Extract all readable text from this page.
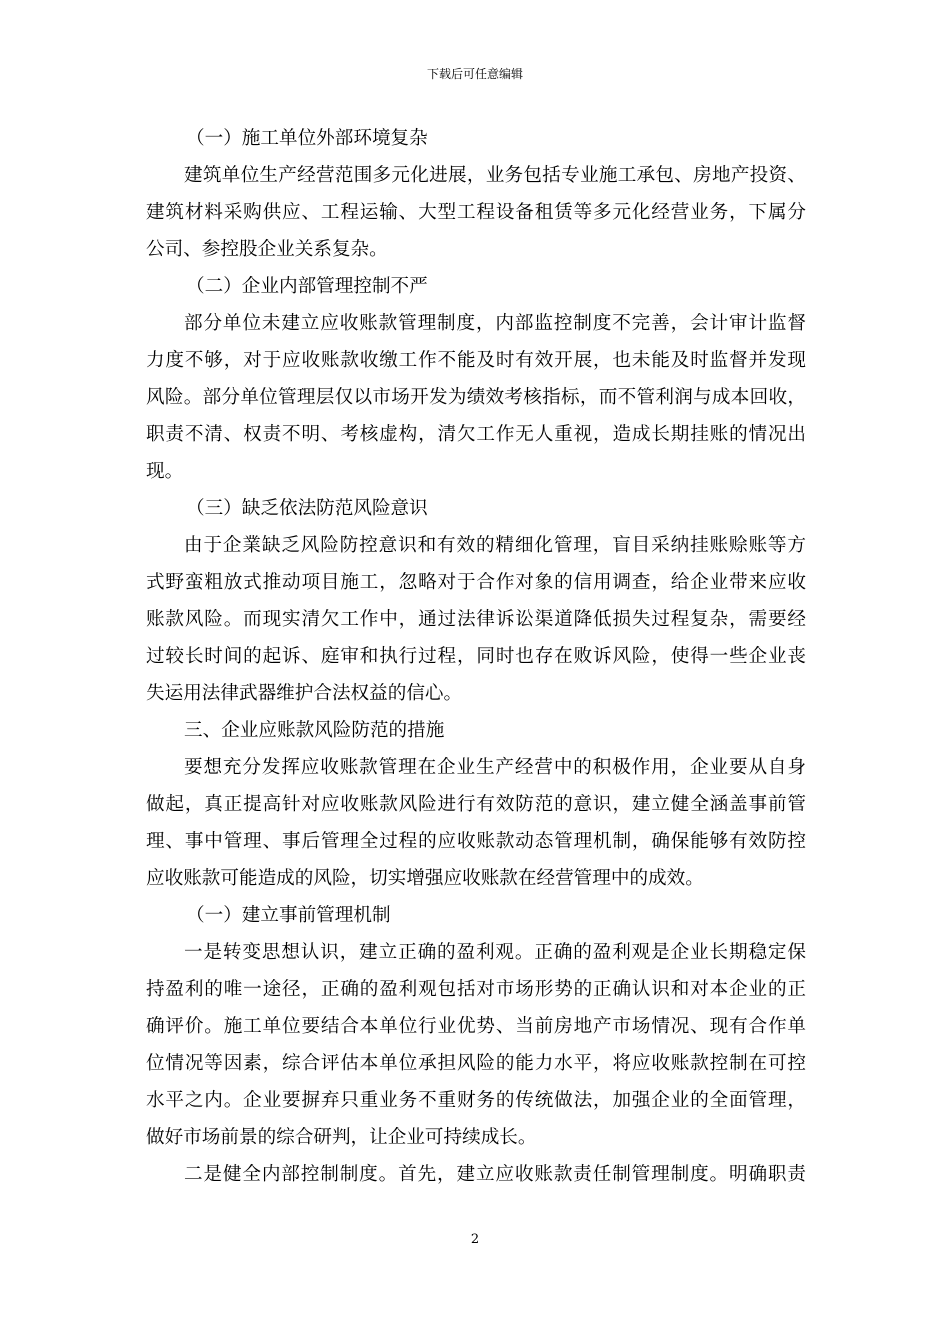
下载后可任意编辑
（一）施工单位外部环境复杂
建筑单位生产经营范围多元化进展，业务包括专业施工承包、房地产投资、
建筑材料采购供应、工程运输、大型工程设备租赁等多元化经营业务，下属分
公司、参控股企业关系复杂。
（二）企业内部管理控制不严
部分单位未建立应收账款管理制度，内部监控制度不完善，会计审计监督
力度不够，对于应收账款收缴工作不能及时有效开展，也未能及时监督并发现
风险。部分单位管理层仅以市场开发为绩效考核指标，而不管利润与成本回收，
职责不清、权责不明、考核虚构，清欠工作无人重视，造成长期挂账的情况出
现。
（三）缺乏依法防范风险意识
由于企業缺乏风险防控意识和有效的精细化管理，盲目采纳挂账赊账等方
式野蛮粗放式推动项目施工，忽略对于合作对象的信用调查，给企业带来应收
账款风险。而现实清欠工作中，通过法律诉讼渠道降低损失过程复杂，需要经
过较长时间的起诉、庭审和执行过程，同时也存在败诉风险，使得一些企业丧
失运用法律武器维护合法权益的信心。
三、企业应账款风险防范的措施
要想充分发挥应收账款管理在企业生产经营中的积极作用，企业要从自身
做起，真正提高针对应收账款风险进行有效防范的意识，建立健全涵盖事前管
理、事中管理、事后管理全过程的应收账款动态管理机制，确保能够有效防控
应收账款可能造成的风险，切实增强应收账款在经营管理中的成效。
（一）建立事前管理机制
一是转变思想认识，建立正确的盈利观。正确的盈利观是企业长期稳定保
持盈利的唯一途径，正确的盈利观包括对市场形势的正确认识和对本企业的正
确评价。施工单位要结合本单位行业优势、当前房地产市场情况、现有合作单
位情况等因素，综合评估本单位承担风险的能力水平，将应收账款控制在可控
水平之内。企业要摒弃只重业务不重财务的传统做法，加强企业的全面管理，
做好市场前景的综合研判，让企业可持续成长。
二是健全内部控制制度。首先，建立应收账款责任制管理制度。明确职责
2
